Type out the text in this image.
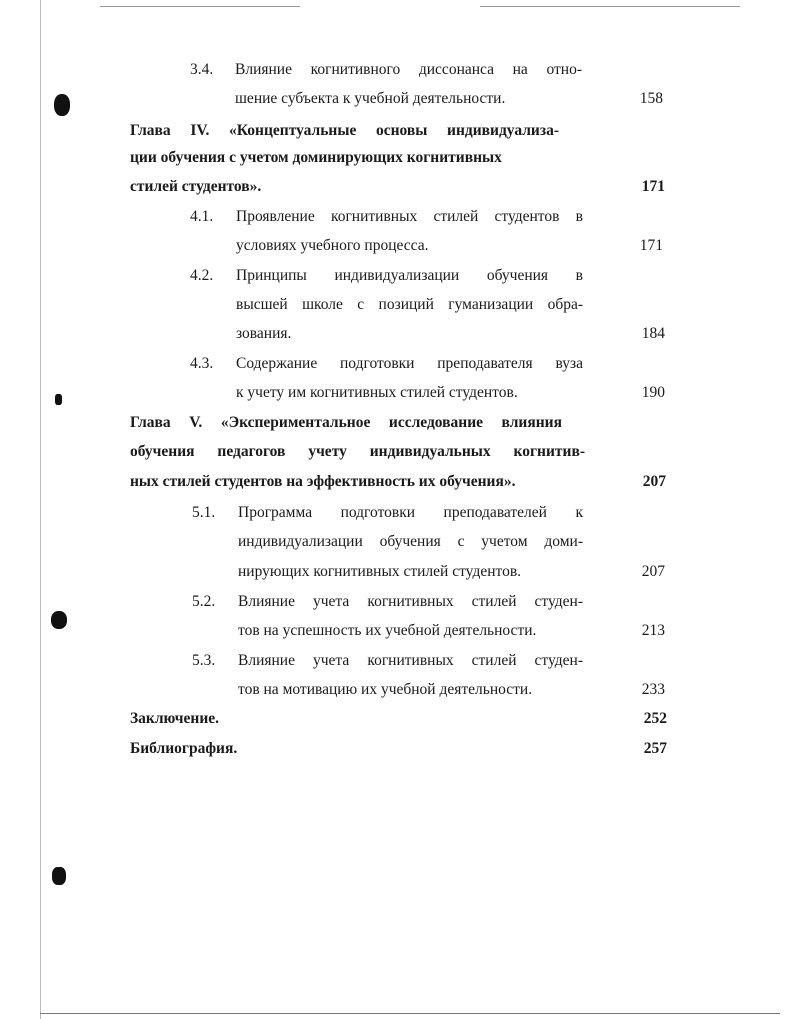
3.4. Влияние когнитивного диссонанса на отно-
шение субъекта к учебной деятельности.	158
Глава IV. «Концептуальные основы индивидуализа-
ции обучения с учетом доминирующих когнитивных
стилей студентов».	171
4.1. Проявление когнитивных стилей студентов в
условиях учебного процесса.	171
4.2. Принципы индивидуализации обучения в
высшей школе с позиций гуманизации обра-
зования.	184
4.3. Содержание подготовки преподавателя вуза
к учету им когнитивных стилей студентов.	190
Глава V. «Экспериментальное исследование влияния
обучения педагогов учету индивидуальных когнитив-
ных стилей студентов на эффективность их обучения».	207
5.1. Программа подготовки преподавателей к
индивидуализации обучения с учетом доми-
нирующих когнитивных стилей студентов.	207
5.2. Влияние учета когнитивных стилей студен-
тов на успешность их учебной деятельности.	213
5.3. Влияние учета когнитивных стилей студен-
тов на мотивацию их учебной деятельности.	233
Заключение.	252
Библиография.	257
